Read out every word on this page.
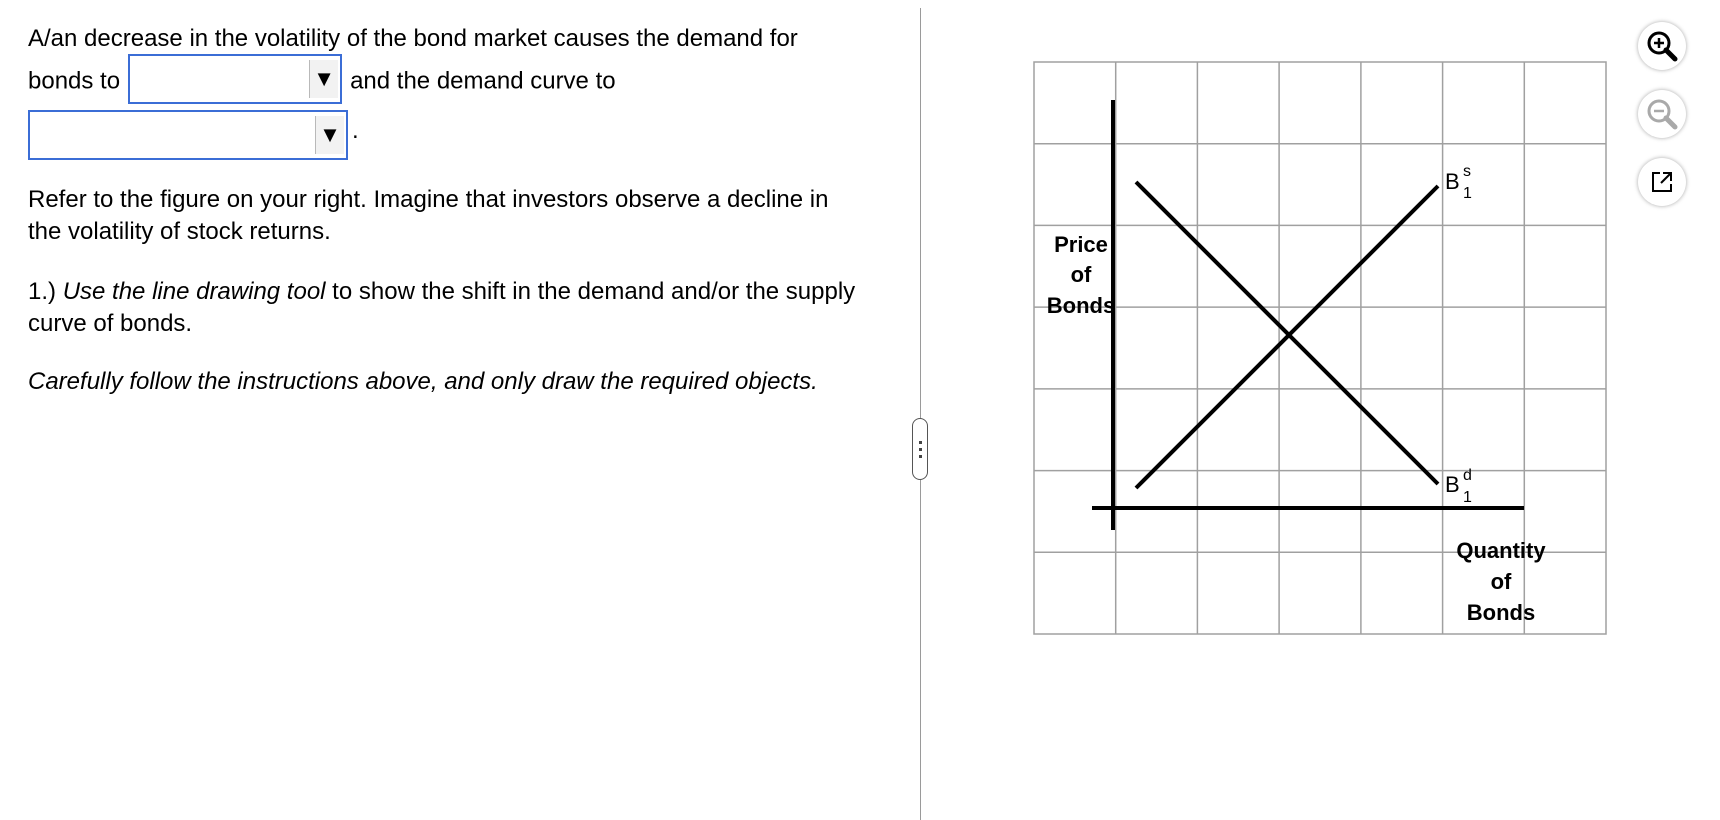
A/an decrease in the volatility of the bond market causes the demand for bonds to	▼ and the demand curve to

▼ .

Refer to the figure on your right. Imagine that investors observe a decline in the volatility of stock returns.

1.) Use the line drawing tool to show the shift in the demand and/or the supply curve of bonds.

Carefully follow the instructions above, and only draw the required objects.

Price
of
Bonds
Quantity
of
Bonds
B s
1
B d
1
